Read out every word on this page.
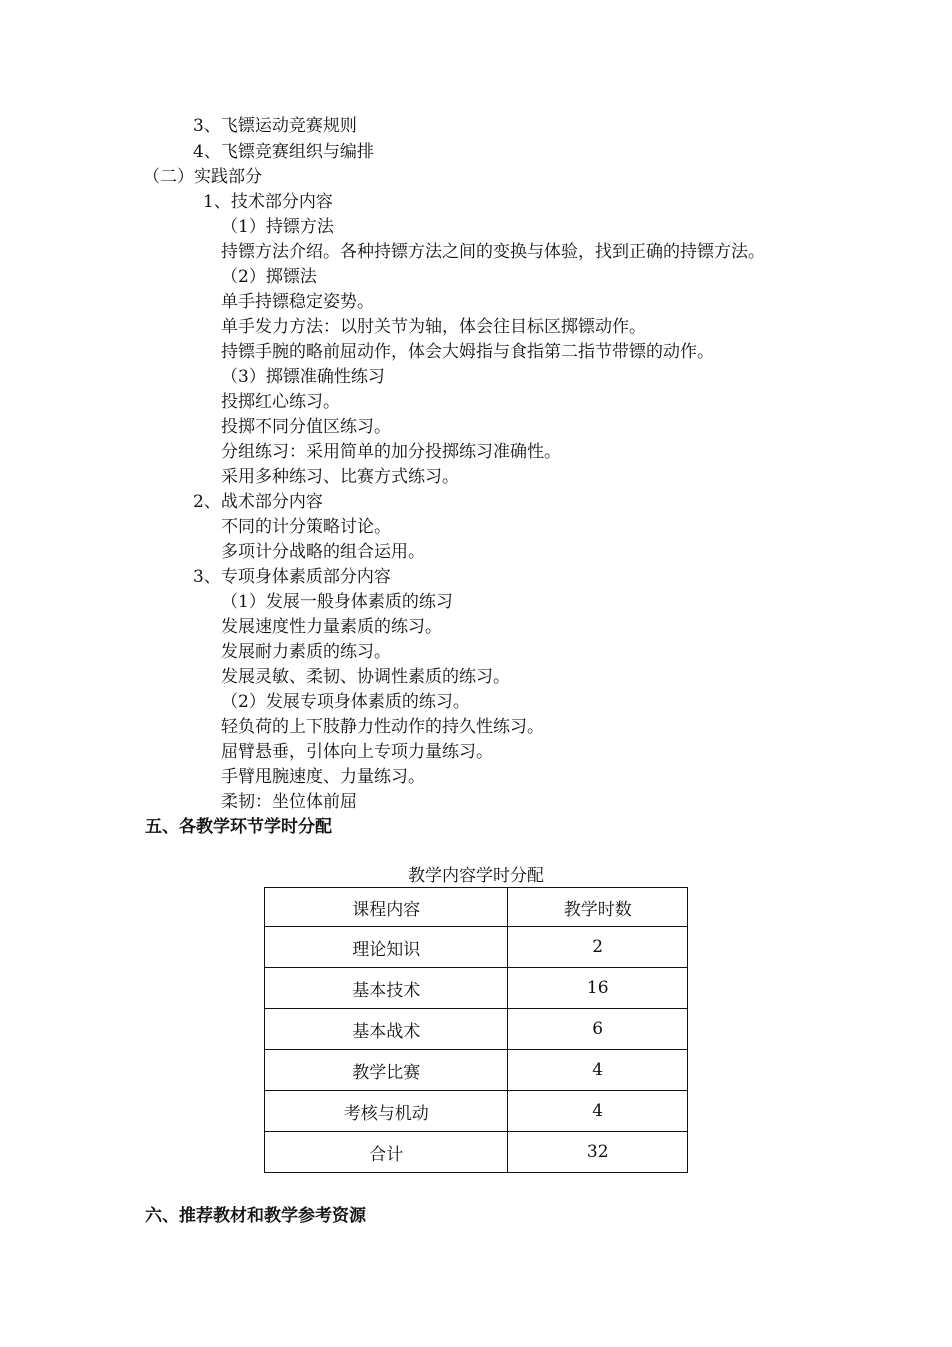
3、飞镖运动竞赛规则
4、飞镖竞赛组织与编排
（二）实践部分
1、技术部分内容
（1）持镖方法
持镖方法介绍。各种持镖方法之间的变换与体验，找到正确的持镖方法。
（2）掷镖法
单手持镖稳定姿势。
单手发力方法：以肘关节为轴，体会往目标区掷镖动作。
持镖手腕的略前屈动作，体会大姆指与食指第二指节带镖的动作。
（3）掷镖准确性练习
投掷红心练习。
投掷不同分值区练习。
分组练习：采用简单的加分投掷练习准确性。
采用多种练习、比赛方式练习。
2、战术部分内容
不同的计分策略讨论。
多项计分战略的组合运用。
3、专项身体素质部分内容
（1）发展一般身体素质的练习
发展速度性力量素质的练习。
发展耐力素质的练习。
发展灵敏、柔韧、协调性素质的练习。
（2）发展专项身体素质的练习。
轻负荷的上下肢静力性动作的持久性练习。
屈臂悬垂，引体向上专项力量练习。
手臂甩腕速度、力量练习。
柔韧：坐位体前屈
五、各教学环节学时分配
教学内容学时分配
课程内容	教学时数
理论知识	2
基本技术	16
基本战术	6
教学比赛	4
考核与机动	4
合计	32
六、推荐教材和教学参考资源
